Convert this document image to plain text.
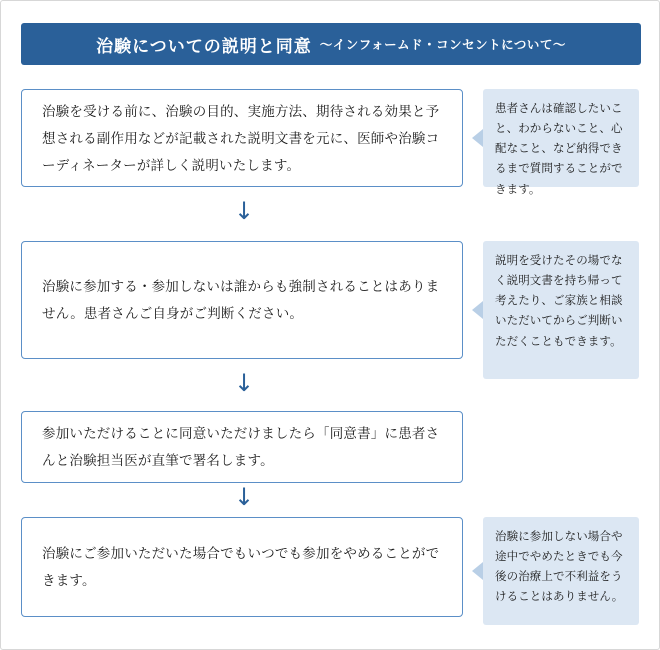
治験についての説明と同意 ～インフォームド・コンセントについて～

治験を受ける前に、治験の目的、実施方法、期待される効果と予想される副作用などが記載された説明文書を元に、医師や治験コーディネーターが詳しく説明いたします。

患者さんは確認したいこと、わからないこと、心配なこと、など納得できるまで質問することができます。

↓

治験に参加する・参加しないは誰からも強制されることはありません。患者さんご自身がご判断ください。

説明を受けたその場でなく説明文書を持ち帰って考えたり、ご家族と相談いただいてからご判断いただくこともできます。

↓

参加いただけることに同意いただけましたら「同意書」に患者さんと治験担当医が直筆で署名します。

↓

治験にご参加いただいた場合でもいつでも参加をやめることができます。

治験に参加しない場合や途中でやめたときでも今後の治療上で不利益をうけることはありません。
